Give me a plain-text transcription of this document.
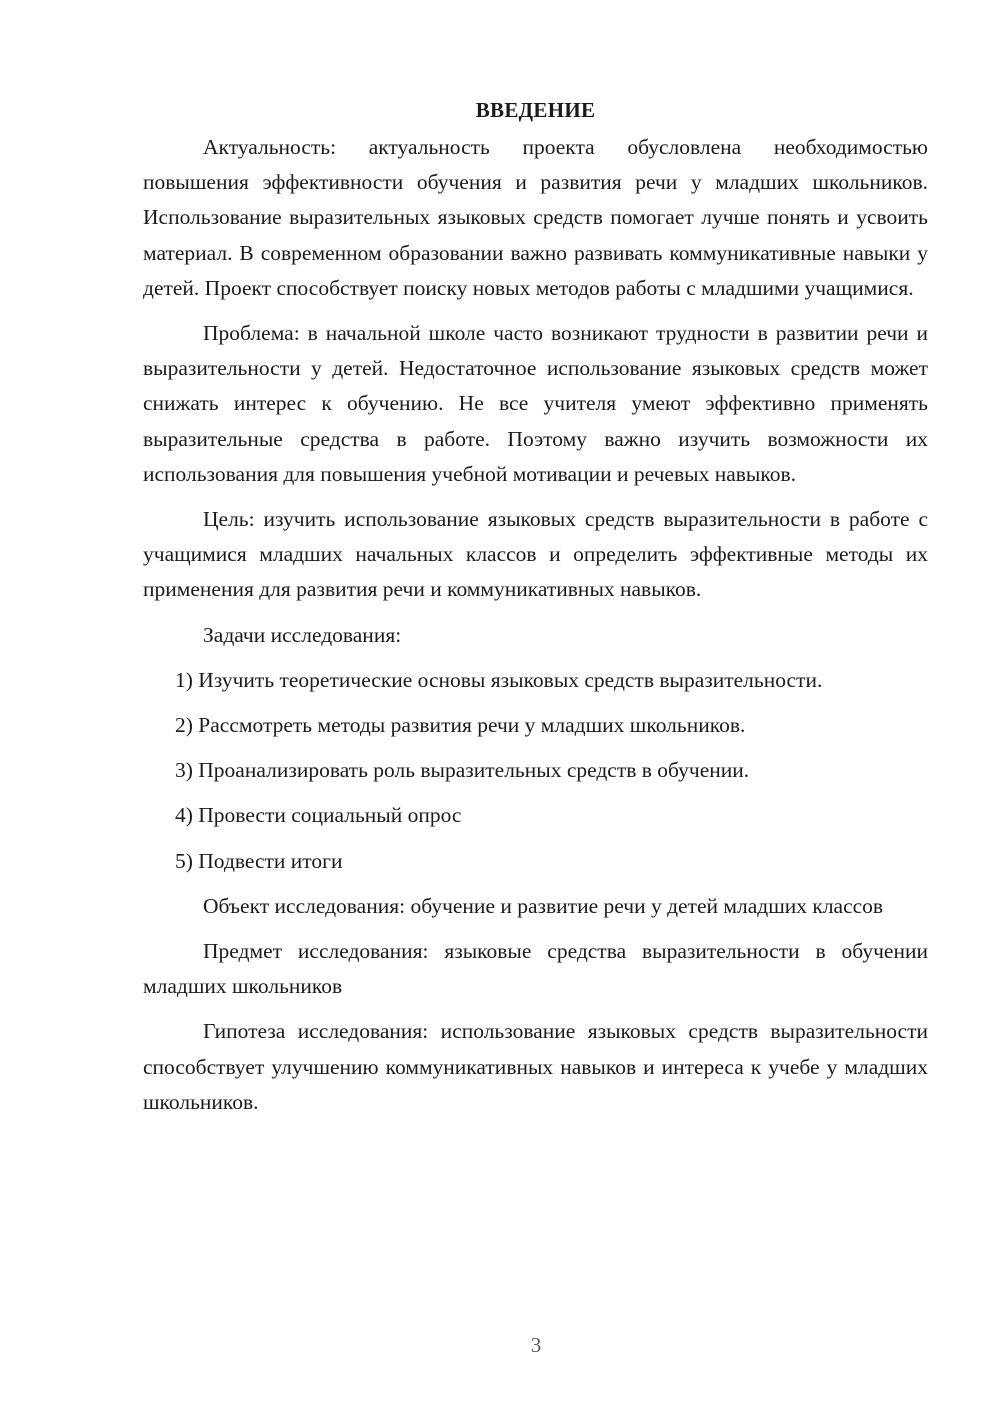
ВВЕДЕНИЕ

Актуальность: актуальность проекта обусловлена необходимостью повышения эффективности обучения и развития речи у младших школьников. Использование выразительных языковых средств помогает лучше понять и усвоить материал. В современном образовании важно развивать коммуникативные навыки у детей. Проект способствует поиску новых методов работы с младшими учащимися.

Проблема: в начальной школе часто возникают трудности в развитии речи и выразительности у детей. Недостаточное использование языковых средств может снижать интерес к обучению. Не все учителя умеют эффективно применять выразительные средства в работе. Поэтому важно изучить возможности их использования для повышения учебной мотивации и речевых навыков.

Цель: изучить использование языковых средств выразительности в работе с учащимися младших начальных классов и определить эффективные методы их применения для развития речи и коммуникативных навыков.

Задачи исследования:

1) Изучить теоретические основы языковых средств выразительности.
2) Рассмотреть методы развития речи у младших школьников.
3) Проанализировать роль выразительных средств в обучении.
4) Провести социальный опрос
5) Подвести итоги

Объект исследования: обучение и развитие речи у детей младших классов

Предмет исследования: языковые средства выразительности в обучении младших школьников

Гипотеза исследования: использование языковых средств выразительности способствует улучшению коммуникативных навыков и интереса к учебе у младших школьников.

3
